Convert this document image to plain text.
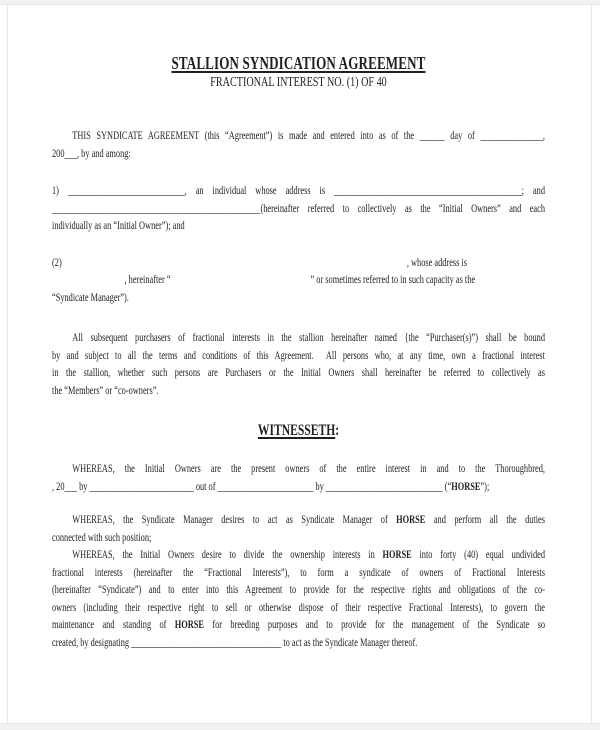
STALLION SYNDICATION AGREEMENT
FRACTIONAL INTEREST NO. (1) OF 40
THIS SYNDICATE AGREEMENT (this “Agreement”) is made and entered into as of the ______ day of _______________,
200___, by and among:
1) ____________________________, an individual whose address is _____________________________________________; and
__________________________________________________(hereinafter referred to collectively as the “Initial Owners” and each
individually as an “Initial Owner”); and
(2)	, whose address is
, hereinafter “	” or sometimes referred to in such capacity as the
“Syndicate Manager”).
All subsequent purchasers of fractional interests in the stallion hereinafter named {the “Purchaser(s)”) shall be bound
by and subject to all the terms and conditions of this Agreement.  All persons who, at any time, own a fractional interest
in the stallion, whether such persons are Purchasers or the Initial Owners shall hereinafter be referred to collectively as
the “Members” or “co-owners”.
WITNESSETH:
WHEREAS, the Initial Owners are the present owners of the entire interest in and to the Thoroughbred,
, 20___ by _________________________ out of _______________________ by ____________________________ (“HORSE”);
WHEREAS, the Syndicate Manager desires to act as Syndicate Manager of HORSE and perform all the duties
connected with such position;
WHEREAS, the Initial Owners desire to divide the ownership interests in HORSE into forty (40) equal undivided
fractional interests (hereinafter the “Fractional Interests”), to form a syndicate of owners of Fractional Interests
(hereinafter “Syndicate”) and to enter into this Agreement to provide for the respective rights and obligations of the co-
owners (including their respective right to sell or otherwise dispose of their respective Fractional Interests), to govern the
maintenance and standing of HORSE for breeding purposes and to provide for the management of the Syndicate so
created, by designating ____________________________________ to act as the Syndicate Manager thereof.
